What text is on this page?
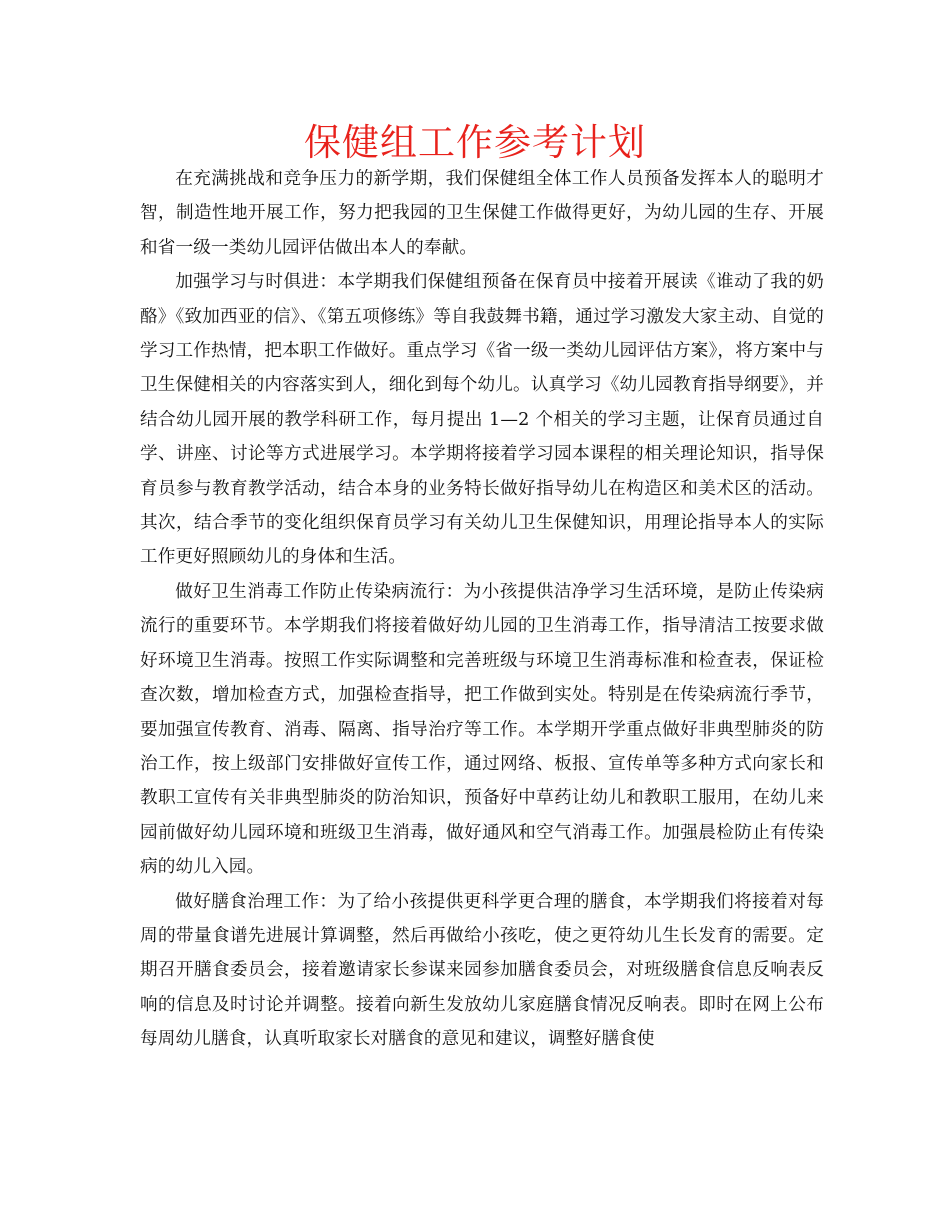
保健组工作参考计划

在充满挑战和竞争压力的新学期，我们保健组全体工作人员预备发挥本人的聪明才智，制造性地开展工作，努力把我园的卫生保健工作做得更好，为幼儿园的生存、开展和省一级一类幼儿园评估做出本人的奉献。

加强学习与时俱进：本学期我们保健组预备在保育员中接着开展读《谁动了我的奶酪》《致加西亚的信》、《第五项修练》等自我鼓舞书籍，通过学习激发大家主动、自觉的学习工作热情，把本职工作做好。重点学习《省一级一类幼儿园评估方案》，将方案中与卫生保健相关的内容落实到人，细化到每个幼儿。认真学习《幼儿园教育指导纲要》，并结合幼儿园开展的教学科研工作，每月提出 1—2 个相关的学习主题，让保育员通过自学、讲座、讨论等方式进展学习。本学期将接着学习园本课程的相关理论知识，指导保育员参与教育教学活动，结合本身的业务特长做好指导幼儿在构造区和美术区的活动。其次，结合季节的变化组织保育员学习有关幼儿卫生保健知识，用理论指导本人的实际工作更好照顾幼儿的身体和生活。

做好卫生消毒工作防止传染病流行：为小孩提供洁净学习生活环境，是防止传染病流行的重要环节。本学期我们将接着做好幼儿园的卫生消毒工作，指导清洁工按要求做好环境卫生消毒。按照工作实际调整和完善班级与环境卫生消毒标准和检查表，保证检查次数，增加检查方式，加强检查指导，把工作做到实处。特别是在传染病流行季节，要加强宣传教育、消毒、隔离、指导治疗等工作。本学期开学重点做好非典型肺炎的防治工作，按上级部门安排做好宣传工作，通过网络、板报、宣传单等多种方式向家长和教职工宣传有关非典型肺炎的防治知识，预备好中草药让幼儿和教职工服用，在幼儿来园前做好幼儿园环境和班级卫生消毒，做好通风和空气消毒工作。加强晨检防止有传染病的幼儿入园。

做好膳食治理工作：为了给小孩提供更科学更合理的膳食，本学期我们将接着对每周的带量食谱先进展计算调整，然后再做给小孩吃，使之更符幼儿生长发育的需要。定期召开膳食委员会，接着邀请家长参谋来园参加膳食委员会，对班级膳食信息反响表反响的信息及时讨论并调整。接着向新生发放幼儿家庭膳食情况反响表。即时在网上公布每周幼儿膳食，认真听取家长对膳食的意见和建议，调整好膳食使
